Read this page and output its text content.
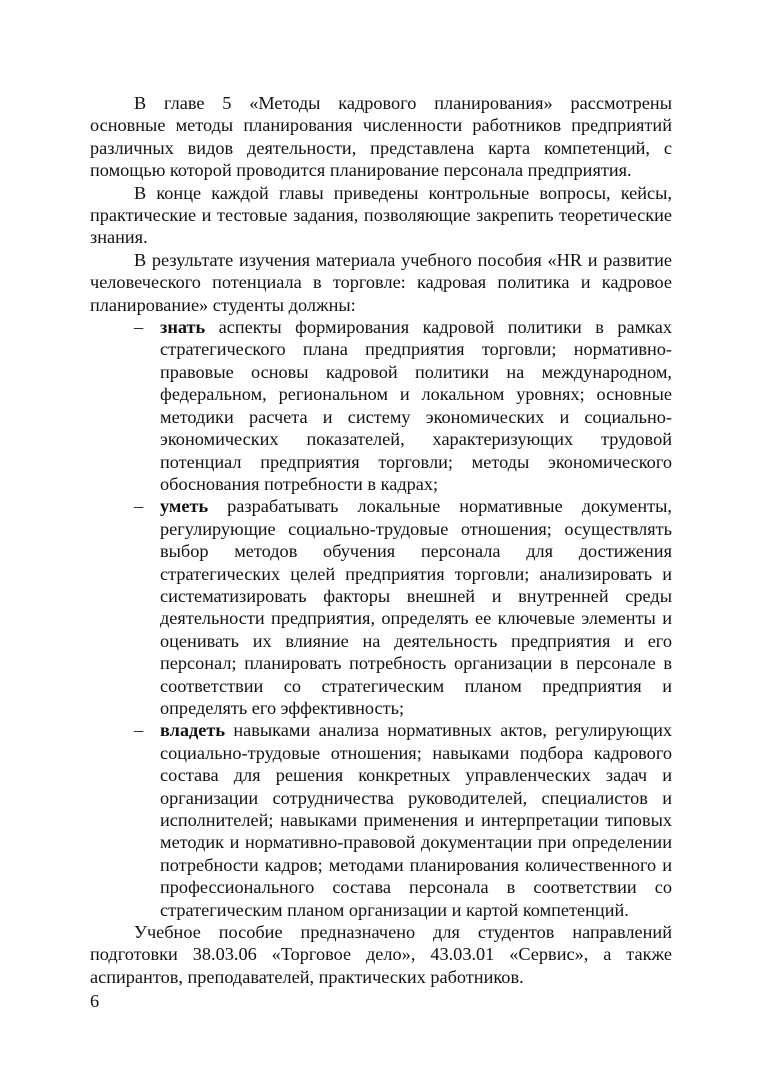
В главе 5 «Методы кадрового планирования» рассмотрены основные методы планирования численности работников предприятий различных видов деятельности, представлена карта компетенций, с помощью которой проводится планирование персонала предприятия.

В конце каждой главы приведены контрольные вопросы, кейсы, практические и тестовые задания, позволяющие закрепить теоретические знания.

В результате изучения материала учебного пособия «HR и развитие человеческого потенциала в торговле: кадровая политика и кадровое планирование» студенты должны:

– знать аспекты формирования кадровой политики в рамках стратегического плана предприятия торговли; нормативно-правовые основы кадровой политики на международном, федеральном, региональном и локальном уровнях; основные методики расчета и систему экономических и социально-экономических показателей, характеризующих трудовой потенциал предприятия торговли; методы экономического обоснования потребности в кадрах;
– уметь разрабатывать локальные нормативные документы, регулирующие социально-трудовые отношения; осуществлять выбор методов обучения персонала для достижения стратегических целей предприятия торговли; анализировать и систематизировать факторы внешней и внутренней среды деятельности предприятия, определять ее ключевые элементы и оценивать их влияние на деятельность предприятия и его персонал; планировать потребность организации в персонале в соответствии со стратегическим планом предприятия и определять его эффективность;
– владеть навыками анализа нормативных актов, регулирующих социально-трудовые отношения; навыками подбора кадрового состава для решения конкретных управленческих задач и организации сотрудничества руководителей, специалистов и исполнителей; навыками применения и интерпретации типовых методик и нормативно-правовой документации при определении потребности кадров; методами планирования количественного и профессионального состава персонала в соответствии со стратегическим планом организации и картой компетенций.

Учебное пособие предназначено для студентов направлений подготовки 38.03.06 «Торговое дело», 43.03.01 «Сервис», а также аспирантов, преподавателей, практических работников.

6
